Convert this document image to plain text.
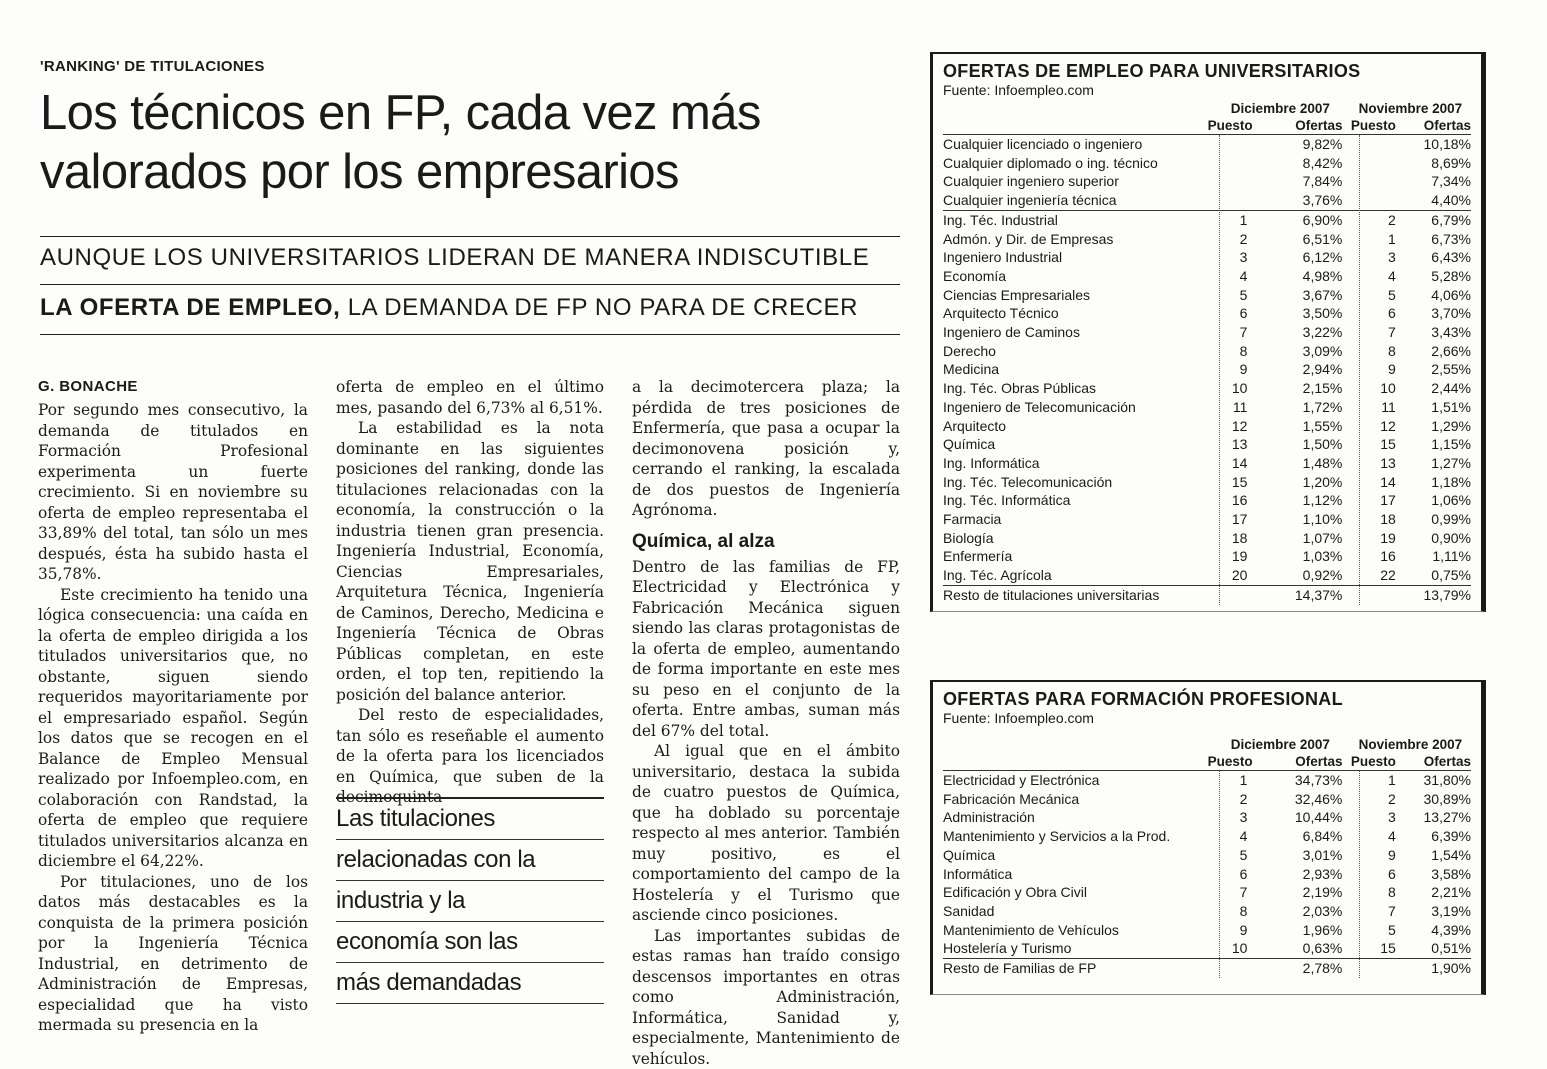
'RANKING' DE TITULACIONES
Los técnicos en FP, cada vez más
valorados por los empresarios
AUNQUE LOS UNIVERSITARIOS LIDERAN DE MANERA INDISCUTIBLE
LA OFERTA DE EMPLEO, LA DEMANDA DE FP NO PARA DE CRECER
G. BONACHE

Por segundo mes consecutivo, la demanda de titulados en Formación Profesional experimenta un fuerte crecimiento. Si en noviembre su oferta de empleo representaba el 33,89% del total, tan sólo un mes después, ésta ha subido hasta el 35,78%.

Este crecimiento ha tenido una lógica consecuencia: una caída en la oferta de empleo dirigida a los titulados universitarios que, no obstante, siguen siendo requeridos mayoritariamente por el empresariado español. Según los datos que se recogen en el Balance de Empleo Mensual realizado por Infoempleo.com, en colaboración con Randstad, la oferta de empleo que requiere titulados universitarios alcanza en diciembre el 64,22%.

Por titulaciones, uno de los datos más destacables es la conquista de la primera posición por la Ingeniería Técnica Industrial, en detrimento de Administración de Empresas, especialidad que ha visto mermada su presencia en la

oferta de empleo en el último mes, pasando del 6,73% al 6,51%.

La estabilidad es la nota dominante en las siguientes posiciones del ranking, donde las titulaciones relacionadas con la economía, la construcción o la industria tienen gran presencia. Ingeniería Industrial, Economía, Ciencias Empresariales, Arquitetura Técnica, Ingeniería de Caminos, Derecho, Medicina e Ingeniería Técnica de Obras Públicas completan, en este orden, el top ten, repitiendo la posición del balance anterior.

Del resto de especialidades, tan sólo es reseñable el aumento de la oferta para los licenciados en Química, que suben de la decimoquinta

Las titulaciones
relacionadas con la
industria y la
economía son las
más demandadas

a la decimotercera plaza; la pérdida de tres posiciones de Enfermería, que pasa a ocupar la decimonovena posición y, cerrando el ranking, la escalada de dos puestos de Ingeniería Agrónoma.

Química, al alza

Dentro de las familias de FP, Electricidad y Electrónica y Fabricación Mecánica siguen siendo las claras protagonistas de la oferta de empleo, aumentando de forma importante en este mes su peso en el conjunto de la oferta. Entre ambas, suman más del 67% del total.

Al igual que en el ámbito universitario, destaca la subida de cuatro puestos de Química, que ha doblado su porcentaje respecto al mes anterior. También muy positivo, es el comportamiento del campo de la Hostelería y el Turismo que asciende cinco posiciones.

Las importantes subidas de estas ramas han traído consigo descensos importantes en otras como Administración, Informática, Sanidad y, especialmente, Mantenimiento de vehículos.

OFERTAS DE EMPLEO PARA UNIVERSITARIOS
Fuente: Infoempleo.com
Diciembre 2007	Noviembre 2007
Puesto	Ofertas Puesto	Ofertas
Cualquier licenciado o ingeniero	9,82%	10,18%
Cualquier diplomado o ing. técnico	8,42%	8,69%
Cualquier ingeniero superior	7,84%	7,34%
Cualquier ingeniería técnica	3,76%	4,40%
Ing. Téc. Industrial	1	6,90%	2	6,79%
Admón. y Dir. de Empresas	2	6,51%	1	6,73%
Ingeniero Industrial	3	6,12%	3	6,43%
Economía	4	4,98%	4	5,28%
Ciencias Empresariales	5	3,67%	5	4,06%
Arquitecto Técnico	6	3,50%	6	3,70%
Ingeniero de Caminos	7	3,22%	7	3,43%
Derecho	8	3,09%	8	2,66%
Medicina	9	2,94%	9	2,55%
Ing. Téc. Obras Públicas	10	2,15%	10	2,44%
Ingeniero de Telecomunicación	11	1,72%	11	1,51%
Arquitecto	12	1,55%	12	1,29%
Química	13	1,50%	15	1,15%
Ing. Informática	14	1,48%	13	1,27%
Ing. Téc. Telecomunicación	15	1,20%	14	1,18%
Ing. Téc. Informática	16	1,12%	17	1,06%
Farmacia	17	1,10%	18	0,99%
Biología	18	1,07%	19	0,90%
Enfermería	19	1,03%	16	1,11%
Ing. Téc. Agrícola	20	0,92%	22	0,75%
Resto de titulaciones universitarias	14,37%	13,79%
OFERTAS PARA FORMACIÓN PROFESIONAL
Fuente: Infoempleo.com
Diciembre 2007	Noviembre 2007
Puesto	Ofertas Puesto	Ofertas
Electricidad y Electrónica	1	34,73%	1	31,80%
Fabricación Mecánica	2	32,46%	2	30,89%
Administración	3	10,44%	3	13,27%
Mantenimiento y Servicios a la Prod.	4	6,84%	4	6,39%
Química	5	3,01%	9	1,54%
Informática	6	2,93%	6	3,58%
Edificación y Obra Civil	7	2,19%	8	2,21%
Sanidad	8	2,03%	7	3,19%
Mantenimiento de Vehículos	9	1,96%	5	4,39%
Hostelería y Turismo	10	0,63%	15	0,51%
Resto de Familias de FP	2,78%	1,90%
